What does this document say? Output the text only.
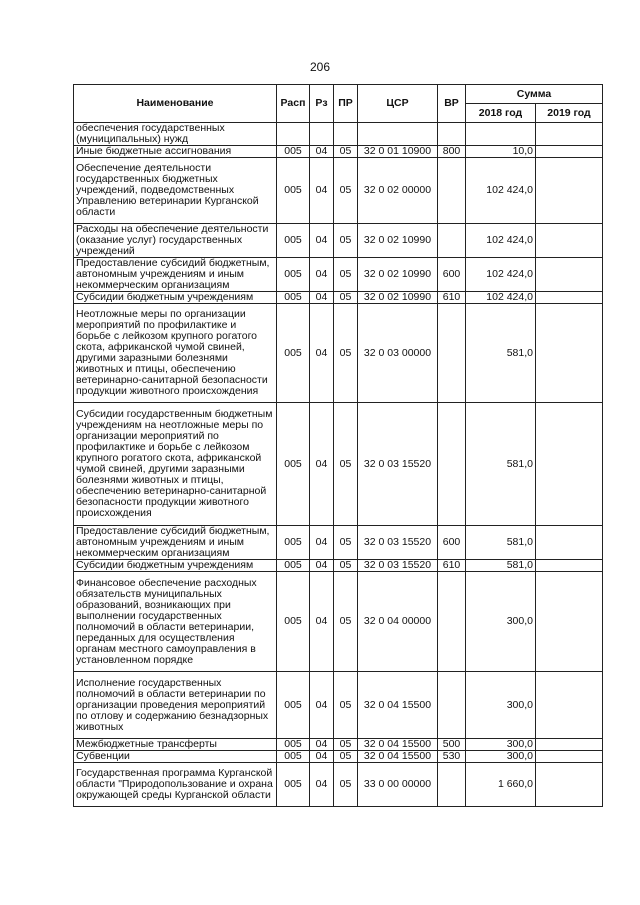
206
Наименование	Расп	Рз	ПР	ЦСР	ВР	Сумма	
						2018 год	2019 год
обеспечения государственных (муниципальных) нужд							
Иные бюджетные ассигнования	005	04	05	32 0 01 10900	800	10,0	
Обеспечение деятельности государственных бюджетных учреждений, подведомственных Управлению ветеринарии Курганской области	005	04	05	32 0 02 00000		102 424,0	
Расходы на обеспечение деятельности (оказание услуг) государственных учреждений	005	04	05	32 0 02 10990		102 424,0	
Предоставление субсидий бюджетным, автономным учреждениям и иным некоммерческим организациям	005	04	05	32 0 02 10990	600	102 424,0	
Субсидии бюджетным учреждениям	005	04	05	32 0 02 10990	610	102 424,0	
Неотложные меры по организации мероприятий по профилактике и борьбе с лейкозом крупного рогатого скота, африканской чумой свиней, другими заразными болезнями животных и птицы, обеспечению ветеринарно-санитарной безопасности продукции животного происхождения	005	04	05	32 0 03 00000		581,0	
Субсидии государственным бюджетным учреждениям на неотложные меры по организации мероприятий по профилактике и борьбе с лейкозом крупного рогатого скота, африканской чумой свиней, другими заразными болезнями животных и птицы, обеспечению ветеринарно-санитарной безопасности продукции животного происхождения	005	04	05	32 0 03 15520		581,0	
Предоставление субсидий бюджетным, автономным учреждениям и иным некоммерческим организациям	005	04	05	32 0 03 15520	600	581,0	
Субсидии бюджетным учреждениям	005	04	05	32 0 03 15520	610	581,0	
Финансовое обеспечение расходных обязательств муниципальных образований, возникающих при выполнении государственных полномочий в области ветеринарии, переданных для осуществления органам местного самоуправления в установленном порядке	005	04	05	32 0 04 00000		300,0	
Исполнение государственных полномочий в области ветеринарии по организации проведения мероприятий по отлову и содержанию безнадзорных животных	005	04	05	32 0 04 15500		300,0	
Межбюджетные трансферты	005	04	05	32 0 04 15500	500	300,0	
Субвенции	005	04	05	32 0 04 15500	530	300,0	
Государственная программа Курганской области "Природопользование и охрана окружающей среды Курганской области	005	04	05	33 0 00 00000		1 660,0	
